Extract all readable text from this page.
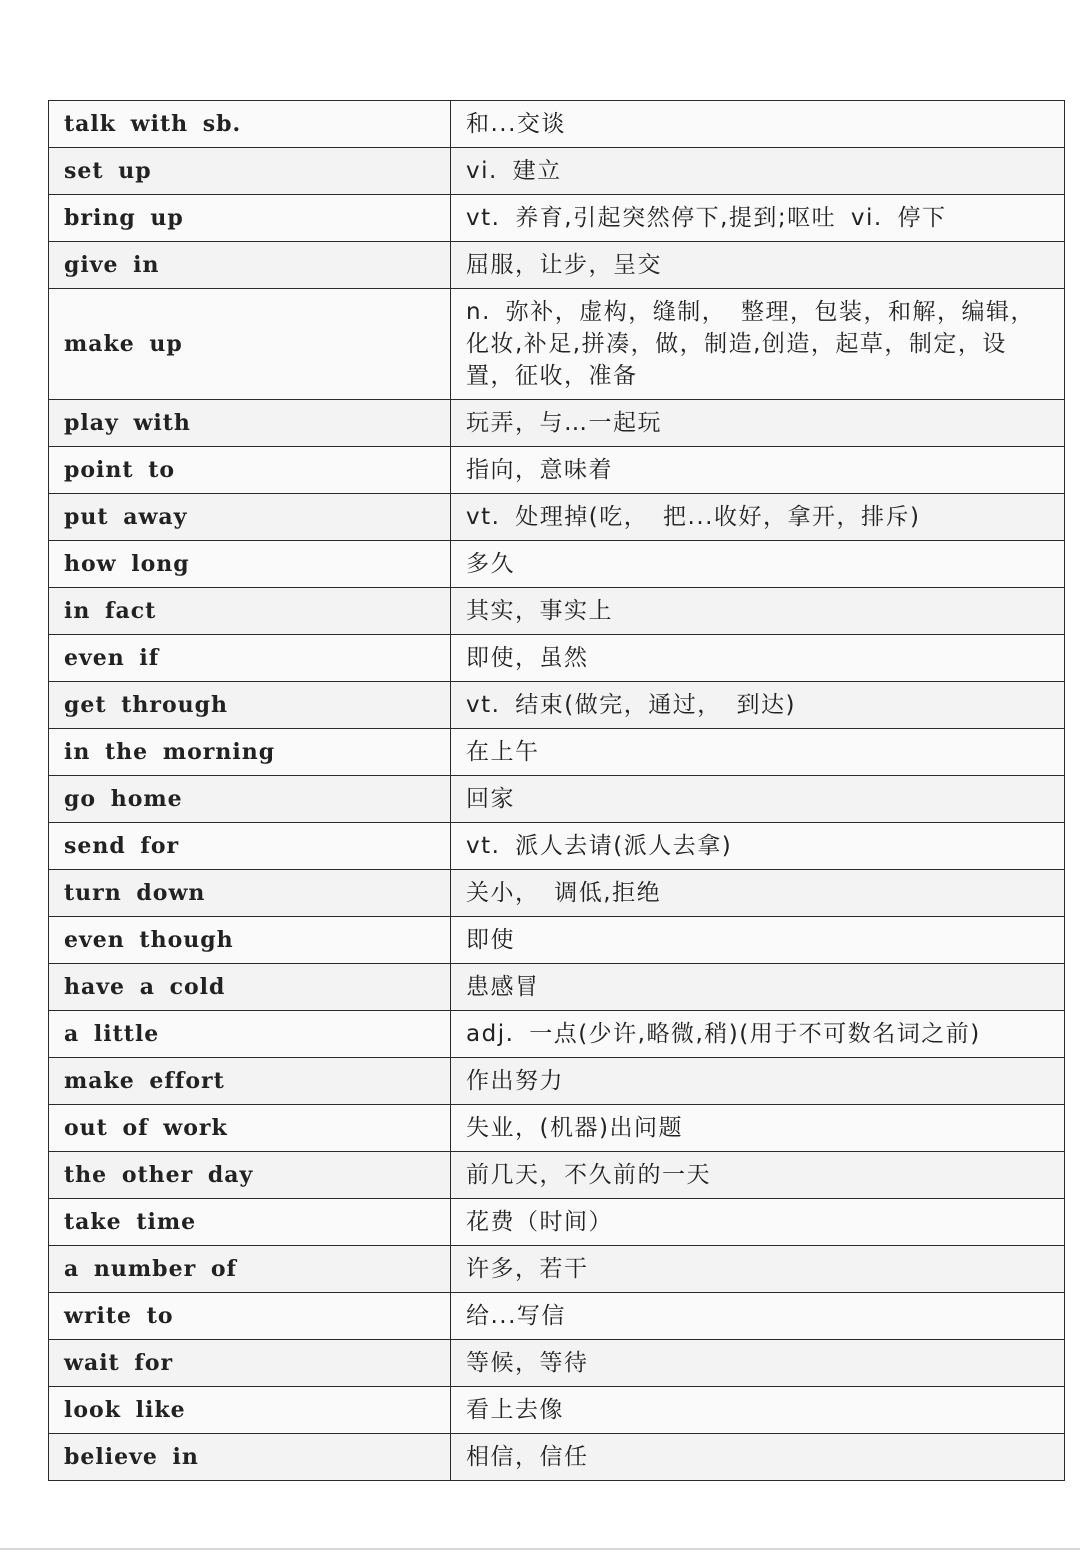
talk with sb.	和...交谈
set up	vi. 建立
bring up	vt. 养育,引起突然停下,提到;呕吐 vi. 停下
give in	屈服，让步，呈交
make up	n. 弥补，虚构，缝制， 整理，包装，和解，编辑，化妆,补足,拼凑，做，制造,创造，起草，制定，设置，征收，准备
play with	玩弄，与…一起玩
point to	指向，意味着
put away	vt. 处理掉(吃， 把...收好，拿开，排斥)
how long	多久
in fact	其实，事实上
even if	即使，虽然
get through	vt. 结束(做完，通过， 到达)
in the morning	在上午
go home	回家
send for	vt. 派人去请(派人去拿)
turn down	关小， 调低,拒绝
even though	即使
have a cold	患感冒
a little	adj. 一点(少许,略微,稍)(用于不可数名词之前)
make effort	作出努力
out of work	失业，(机器)出问题
the other day	前几天，不久前的一天
take time	花费（时间）
a number of	许多，若干
write to	给...写信
wait for	等候，等待
look like	看上去像
believe in	相信，信任
